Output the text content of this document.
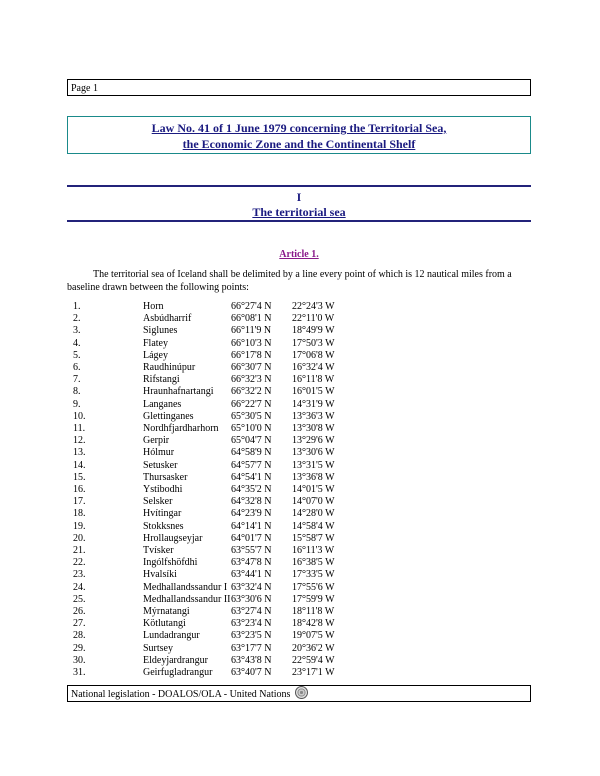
Page 1
Law No. 41 of 1 June 1979 concerning the Territorial Sea,
the Economic Zone and the Continental Shelf
I
The territorial sea
Article 1.
The territorial sea of Iceland shall be delimited by a line every point of which is 12 nautical miles from a baseline drawn between the following points:
1.	Horn	66°27'4 N	22°24'3 W
2.	Asbúdharrif	66°08'1 N	22°11'0 W
3.	Siglunes	66°11'9 N	18°49'9 W
4.	Flatey	66°10'3 N	17°50'3 W
5.	Lágey	66°17'8 N	17°06'8 W
6.	Raudhinúpur	66°30'7 N	16°32'4 W
7.	Rifstangi	66°32'3 N	16°11'8 W
8.	Hraunhafnartangi	66°32'2 N	16°01'5 W
9.	Langanes	66°22'7 N	14°31'9 W
10.	Glettinganes	65°30'5 N	13°36'3 W
11.	Nordhfjardharhorn	65°10'0 N	13°30'8 W
12.	Gerpir	65°04'7 N	13°29'6 W
13.	Hólmur	64°58'9 N	13°30'6 W
14.	Setusker	64°57'7 N	13°31'5 W
15.	Thursasker	64°54'1 N	13°36'8 W
16.	Ystibodhi	64°35'2 N	14°01'5 W
17.	Selsker	64°32'8 N	14°07'0 W
18.	Hvítingar	64°23'9 N	14°28'0 W
19.	Stokksnes	64°14'1 N	14°58'4 W
20.	Hrollaugseyjar	64°01'7 N	15°58'7 W
21.	Tvísker	63°55'7 N	16°11'3 W
22.	Ingólfshöfdhi	63°47'8 N	16°38'5 W
23.	Hvalsíki	63°44'1 N	17°33'5 W
24.	Medhallandssandur I	63°32'4 N	17°55'6 W
25.	Medhallandssandur II	63°30'6 N	17°59'9 W
26.	Mýrnatangi	63°27'4 N	18°11'8 W
27.	Kötlutangi	63°23'4 N	18°42'8 W
28.	Lundadrangur	63°23'5 N	19°07'5 W
29.	Surtsey	63°17'7 N	20°36'2 W
30.	Eldeyjardrangur	63°43'8 N	22°59'4 W
31.	Geirfugladrangur	63°40'7 N	23°17'1 W
National legislation - DOALOS/OLA - United Nations
